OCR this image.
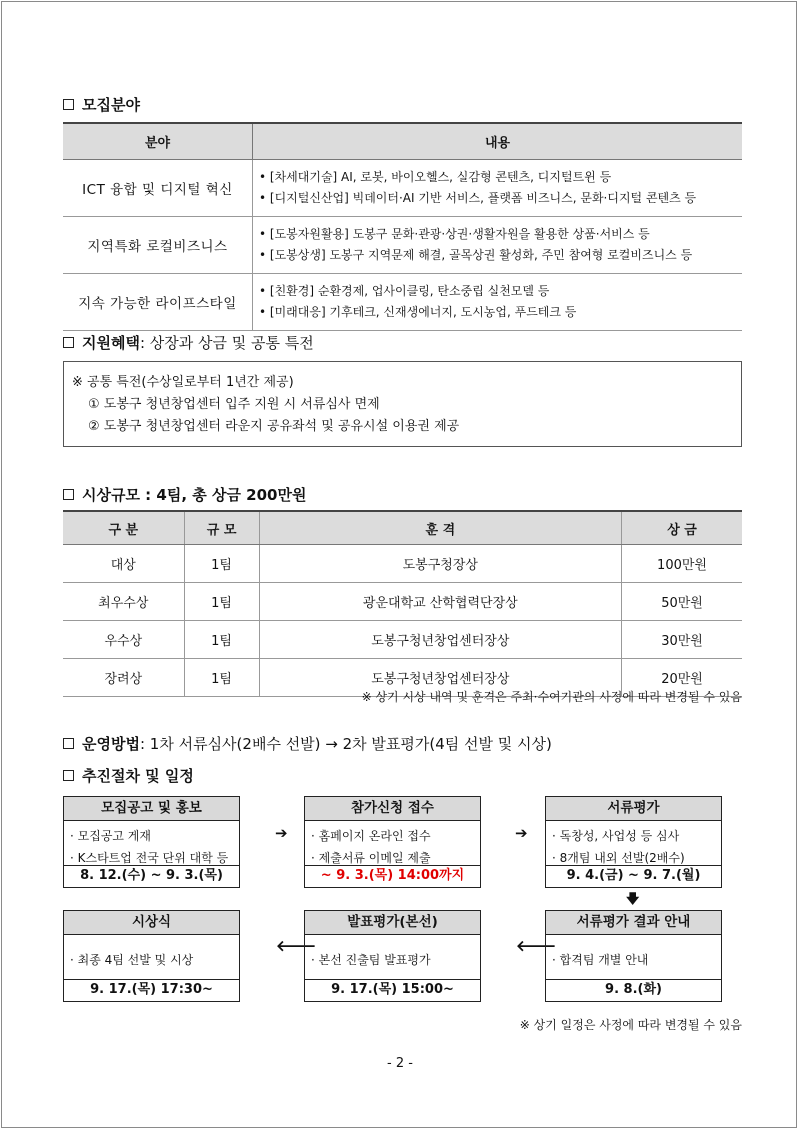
모집분야
분야	내용
ICT 융합 및 디지털 혁신	• [차세대기술] AI, 로봇, 바이오헬스, 실감형 콘텐츠, 디지털트윈 등
• [디지털신산업] 빅데이터·AI 기반 서비스, 플랫폼 비즈니스, 문화·디지털 콘텐츠 등

지역특화 로컬비즈니스	• [도봉자원활용] 도봉구 문화·관광·상권·생활자원을 활용한 상품·서비스 등
• [도봉상생] 도봉구 지역문제 해결, 골목상권 활성화, 주민 참여형 로컬비즈니스 등

지속 가능한 라이프스타일	• [친환경] 순환경제, 업사이클링, 탄소중립 실천모델 등
• [미래대응] 기후테크, 신재생에너지, 도시농업, 푸드테크 등
지원혜택 : 상장과 상금 및 공통 특전
※ 공통 특전(수상일로부터 1년간 제공)
① 도봉구 청년창업센터 입주 지원 시 서류심사 면제
② 도봉구 청년창업센터 라운지 공유좌석 및 공유시설 이용권 제공
시상규모 : 4팀, 총 상금 200만원
구 분	규 모	훈 격	상 금
대상	1팀	도봉구청장상	100만원
최우수상	1팀	광운대학교 산학협력단장상	50만원
우수상	1팀	도봉구청년창업센터장상	30만원
장려상	1팀	도봉구청년창업센터장상	20만원
※ 상기 시상 내역 및 훈격은 주최·수여기관의 사정에 따라 변경될 수 있음
운영방법 : 1차 서류심사(2배수 선발) → 2차 발표평가(4팀 선발 및 시상)
추진절차 및 일정
모집공고 및 홍보
· 모집공고 게재
· K스타트업 전국 단위 대학 등
8. 12.(수) ~ 9. 3.(목)
➔
참가신청 접수
· 홈페이지 온라인 접수
· 제출서류 이메일 제출
~ 9. 3.(목) 14:00까지
➔
서류평가
· 독창성, 사업성 등 심사
· 8개팀 내외 선발(2배수)
9. 4.(금) ~ 9. 7.(월)
🡇
시상식
· 최종 4팀 선발 및 시상
9. 17.(목) 17:30~
🡐
발표평가(본선)
· 본선 진출팀 발표평가
9. 17.(목) 15:00~
🡐
서류평가 결과 안내
· 합격팀 개별 안내
9. 8.(화)
※ 상기 일정은 사정에 따라 변경될 수 있음
- 2 -
